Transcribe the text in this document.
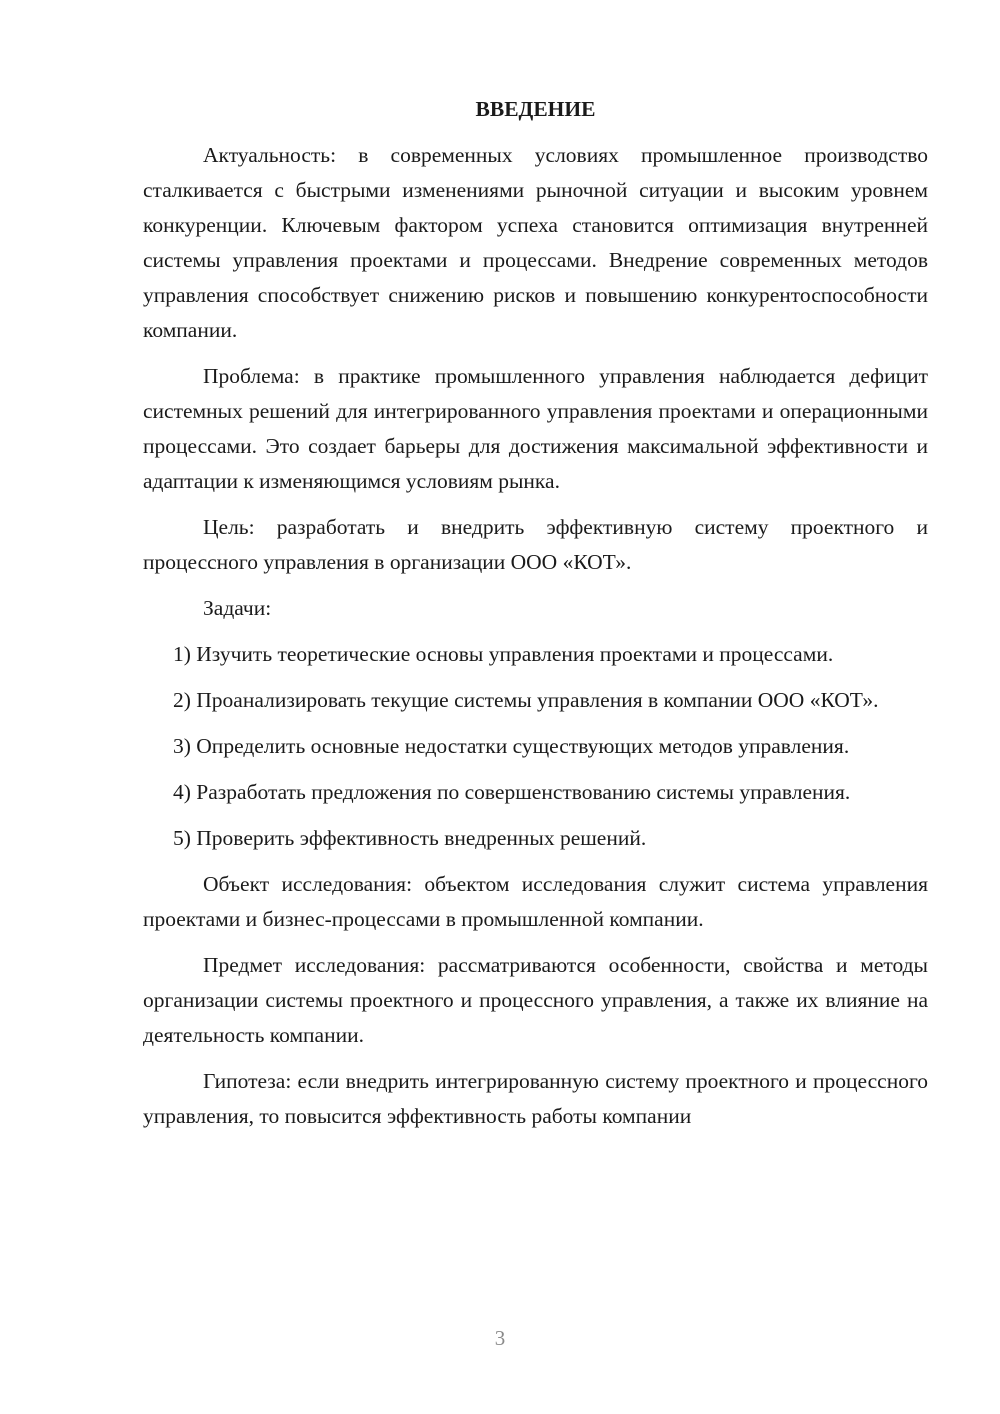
ВВЕДЕНИЕ

Актуальность: в современных условиях промышленное производство сталкивается с быстрыми изменениями рыночной ситуации и высоким уровнем конкуренции. Ключевым фактором успеха становится оптимизация внутренней системы управления проектами и процессами. Внедрение современных методов управления способствует снижению рисков и повышению конкурентоспособности компании.

Проблема: в практике промышленного управления наблюдается дефицит системных решений для интегрированного управления проектами и операционными процессами. Это создает барьеры для достижения максимальной эффективности и адаптации к изменяющимся условиям рынка.

Цель: разработать и внедрить эффективную систему проектного и процессного управления в организации ООО «КОТ».

Задачи:

1) Изучить теоретические основы управления проектами и процессами.
2) Проанализировать текущие системы управления в компании ООО «КОТ».
3) Определить основные недостатки существующих методов управления.
4) Разработать предложения по совершенствованию системы управления.
5) Проверить эффективность внедренных решений.

Объект исследования: объектом исследования служит система управления проектами и бизнес-процессами в промышленной компании.

Предмет исследования: рассматриваются особенности, свойства и методы организации системы проектного и процессного управления, а также их влияние на деятельность компании.

Гипотеза: если внедрить интегрированную систему проектного и процессного управления, то повысится эффективность работы компании

3
